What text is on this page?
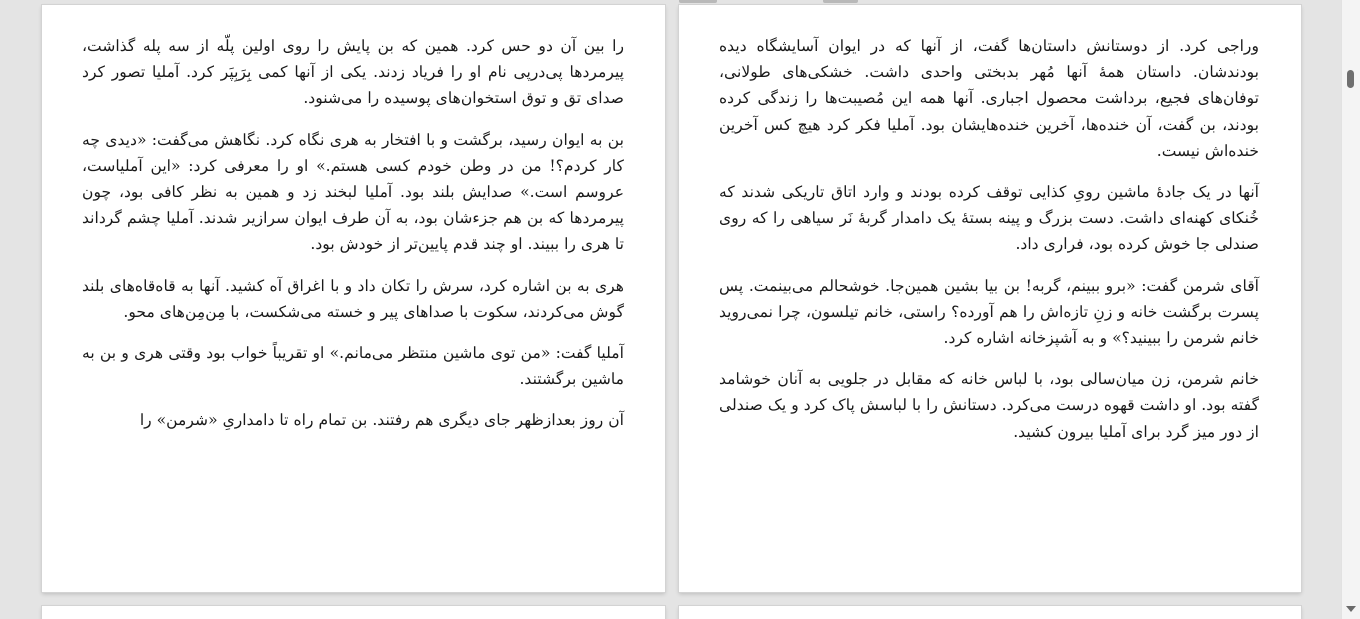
را بین آن دو حس کرد. همین که بن پایش را روی اولین پلّه از سه پله گذاشت، پیرمردها پی‌درپی نام او را فریاد زدند. یکی از آنها کمی بِرَبِپَر کرد. آملیا تصور کرد صدای تق و توق استخوان‌های پوسیده را می‌شنود.

بن به ایوان رسید، برگشت و با افتخار به هری نگاه کرد. نگاهش می‌گفت: «دیدی چه کار کردم؟! من در وطن خودم کسی هستم.» او را معرفی کرد: «این آملیاست، عروسم است.» صدایش بلند بود. آملیا لبخند زد و همین به نظر کافی بود، چون پیرمردها که بن هم جزءشان بود، به آن طرف ایوان سرازیر شدند. آملیا چشم گرداند تا هری را ببیند. او چند قدم پایین‌تر از خودش بود.

هری به بن اشاره کرد، سرش را تکان داد و با اغراق آه کشید. آنها به قاه‌قاه‌های بلند گوش می‌کردند، سکوت با صداهای پیر و خسته می‌شکست، با مِن‌مِن‌های محو.

آملیا گفت: «من توی ماشین منتظر می‌مانم.» او تقریباً خواب بود وقتی هری و بن به ماشین برگشتند.

آن روز بعدازظهر جای دیگری هم رفتند. بن تمام راه تا دامداریِ «شرمن» را

وراجی کرد. از دوستانش داستان‌ها گفت، از آنها که در ایوان آسایشگاه دیده بودندشان. داستان همهٔ آنها مُهر بدبختی واحدی داشت. خشکی‌های طولانی، توفان‌های فجیع، برداشت محصول اجباری. آنها همه این مُصیبت‌ها را زندگی کرده بودند، بن گفت، آن خنده‌ها، آخرین خنده‌هایشان بود. آملیا فکر کرد هیچ کس آخرین خنده‌اش نیست.

آنها در یک جادهٔ ماشین رویِ کذایی توقف کرده بودند و وارد اتاق تاریکی شدند که خُنکای کهنه‌ای داشت. دست بزرگ و پینه بستهٔ یک دامدار گربهٔ نَر سیاهی را که روی صندلی جا خوش کرده بود، فراری داد.

آقای شرمن گفت: «برو ببینم، گربه! بن بیا بشین همین‌جا. خوشحالم می‌بینمت. پس پسرت برگشت خانه و زنِ تازه‌اش را هم آورده؟ راستی، خانم تیلسون، چرا نمی‌روید خانم شرمن را ببینید؟» و به آشپزخانه اشاره کرد.

خانم شرمن، زن میان‌سالی بود، با لباس خانه که مقابل در جلویی به آنان خوشامد گفته بود. او داشت قهوه درست می‌کرد. دستانش را با لباسش پاک کرد و یک صندلی از دور میز گرد برای آملیا بیرون کشید.
